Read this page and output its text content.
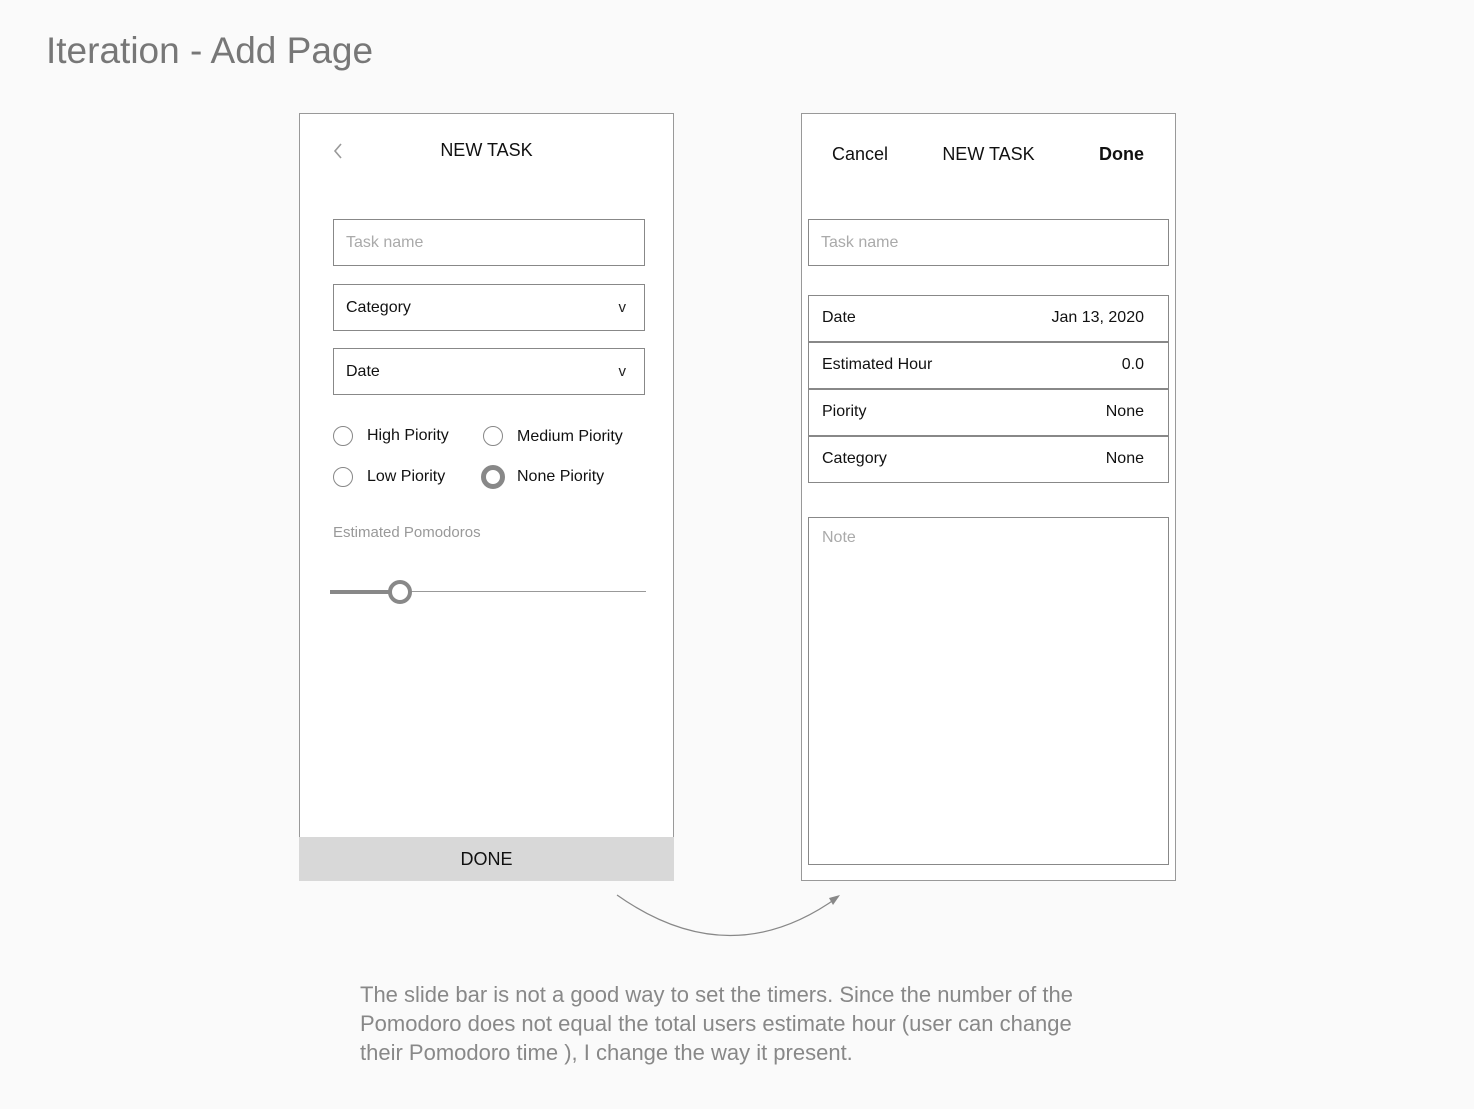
Iteration - Add Page
NEW TASK
Task name
Category	v
Date	v
High Piority	Medium Piority
Low Piority	None Piority
Estimated Pomodoros
DONE
Cancel	NEW TASK	Done
Task name
Date	Jan 13, 2020
Estimated Hour	0.0
Piority	None
Category	None
Note
The slide bar is not a good way to set the timers. Since the number of the
Pomodoro does not equal the total users estimate hour (user can change
their Pomodoro time ), I change the way it present.
